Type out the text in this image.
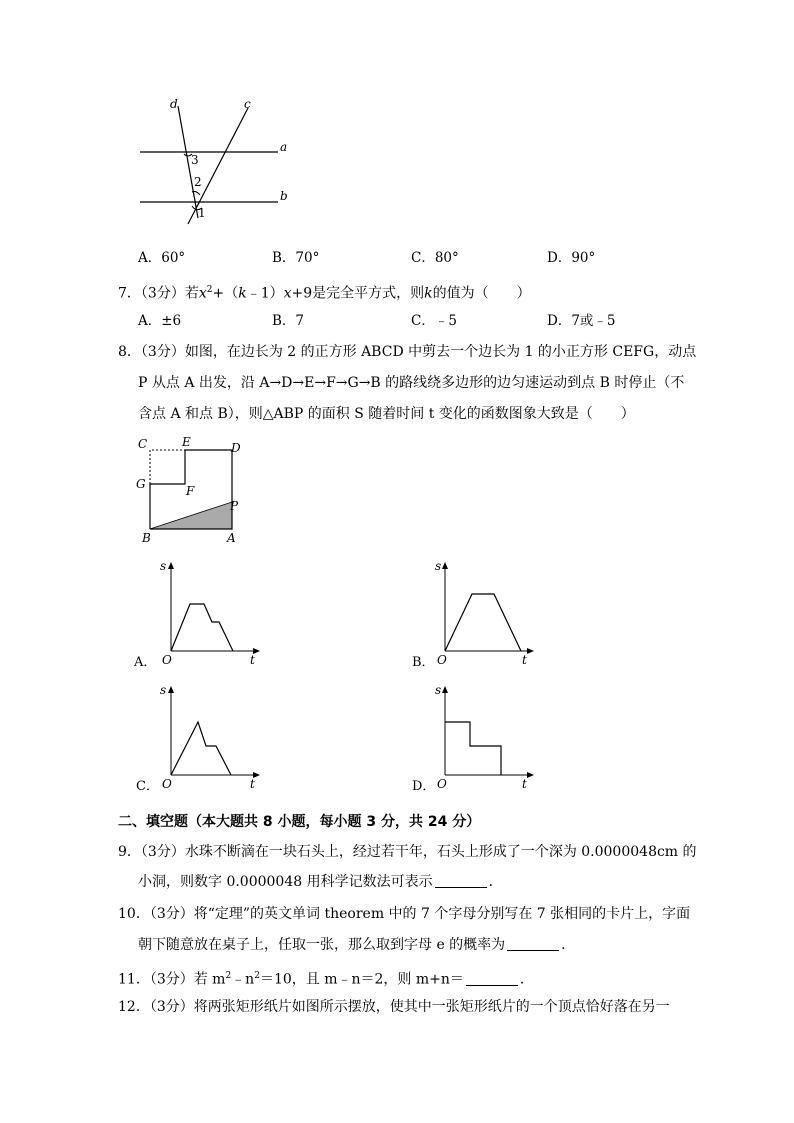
d	c
a
b
3
2
1
A．60°	B．70°	C．80°	D．90°
7．（3分）若$x^2+(k﹣1)x+9$是完全平方式，则k的值为（　　）
A．±6	B．7	C．﹣5	D．7或﹣5
8．（3分）如图，在边长为 2 的正方形 ABCD 中剪去一个边长为 1 的小正方形 CEFG，动点
P 从点 A 出发，沿 A→D→E→F→G→B 的路线绕多边形的边匀速运动到点 B 时停止（不
含点 A 和点 B），则△ABP 的面积 S 随着时间 t 变化的函数图象大致是（　　）
C	E	D
G	F
P
B	A
A．
s
O	t	B．
s
O	t
C．
s
O	t	D．
s
O	t
二、填空题（本大题共 8 小题，每小题 3 分，共 24 分）
9．（3分）水珠不断滴在一块石头上，经过若干年，石头上形成了一个深为 0.0000048cm 的
小洞，则数字 0.0000048 用科学记数法可表示	．
10．（3分）将“定理”的英文单词 theorem 中的 7 个字母分别写在 7 张相同的卡片上，字面
朝下随意放在桌子上，任取一张，那么取到字母 e 的概率为	．
11．（3分）若 $m^2﹣n^2=10$，且 m﹣n＝2，则 m+n＝	．
12．（3分）将两张矩形纸片如图所示摆放，使其中一张矩形纸片的一个顶点恰好落在另一
